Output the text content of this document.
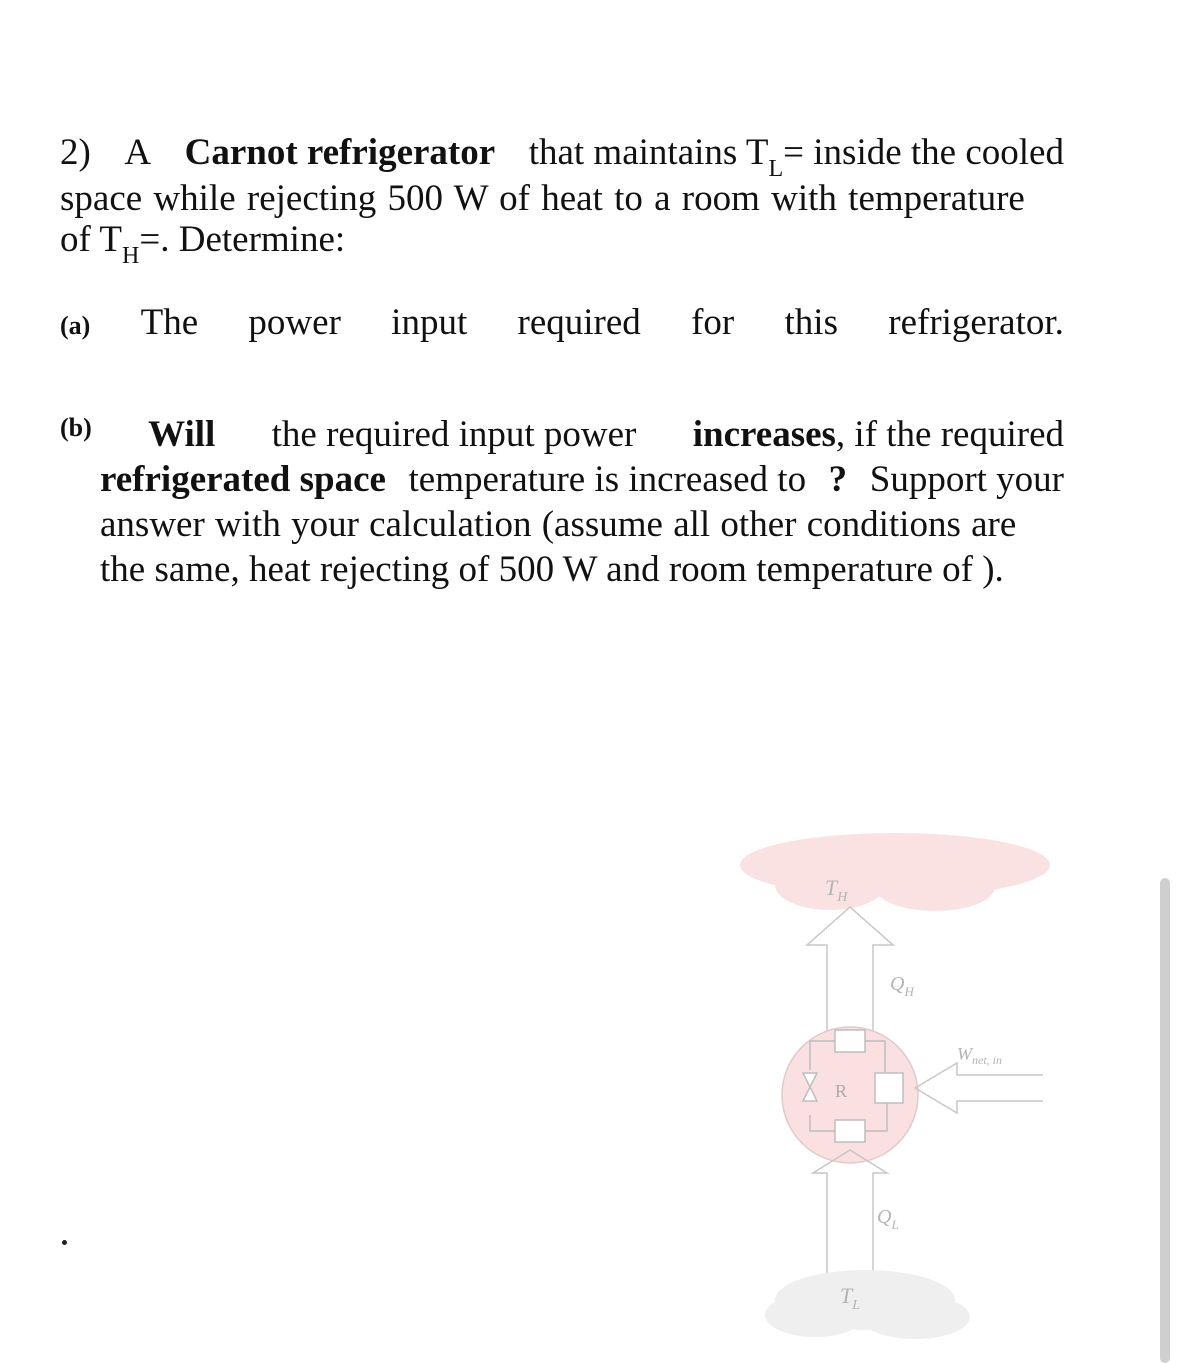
2) A Carnot refrigerator that maintains $T_L=$ inside the cooled
space while rejecting 500 W of heat to a room with temperature
of $T_H=$. Determine:
(a) The power input required for this refrigerator.
(b) Will the required input power increases, if the required
refrigerated space temperature is increased to ? Support your
answer with your calculation (assume all other conditions are
the same, heat rejecting of 500 W and room temperature of ).
$T_H$
$Q_H$
R
$W_{net, in}$
$Q_L$
$T_L$
